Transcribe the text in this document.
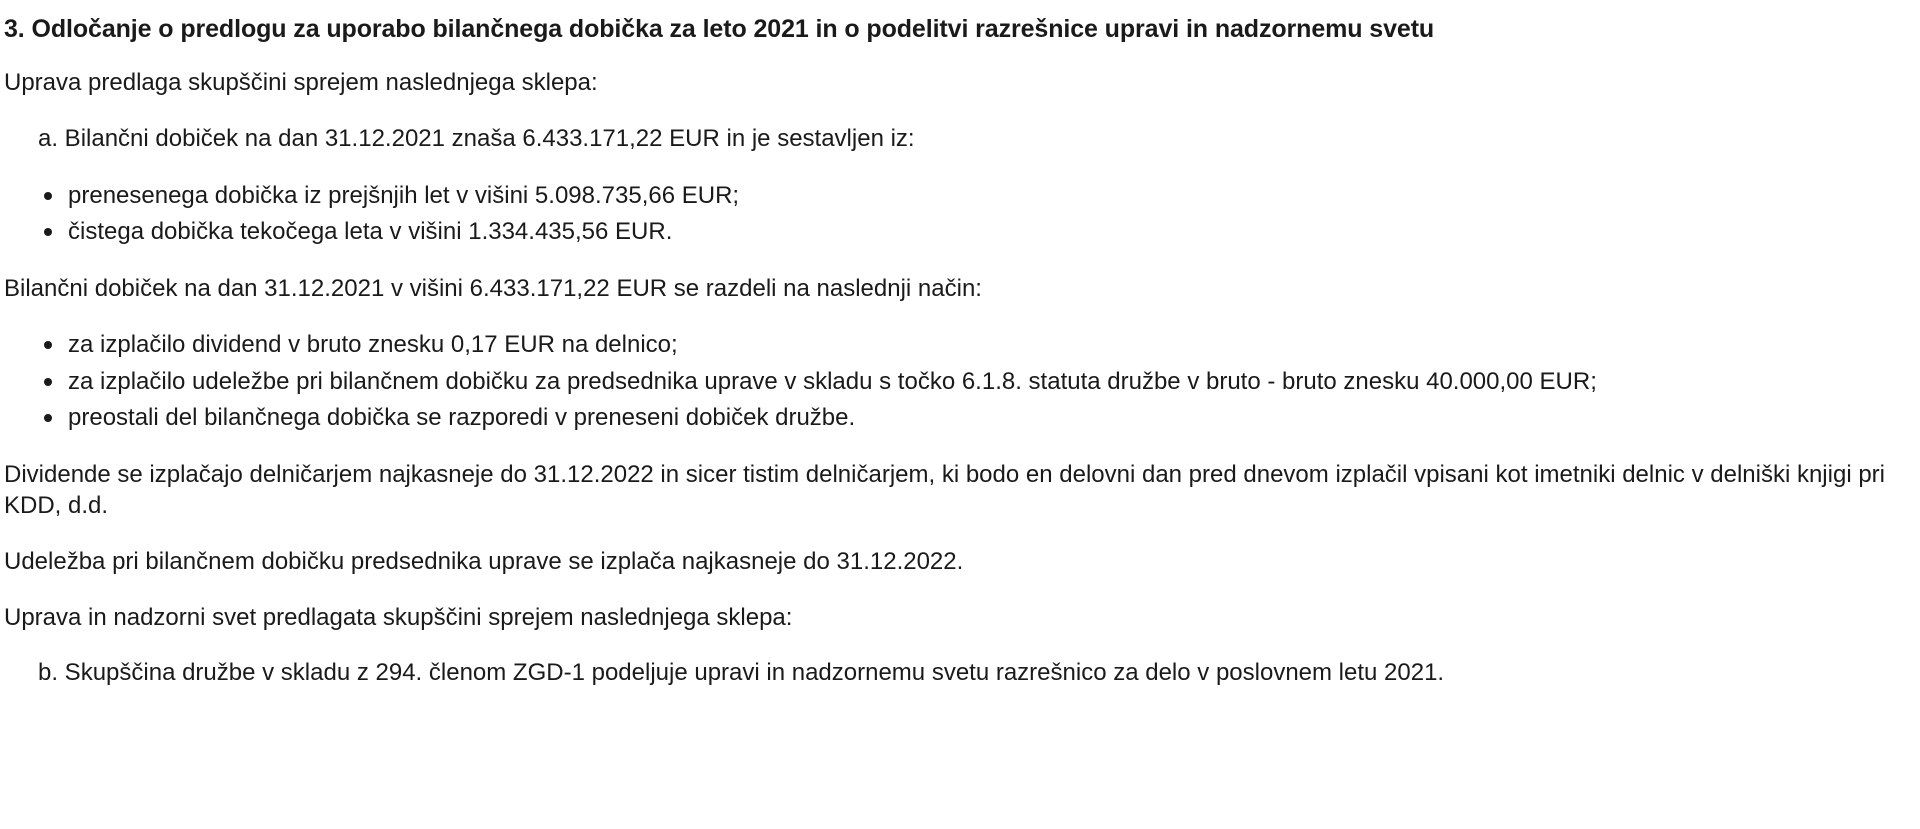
3. Odločanje o predlogu za uporabo bilančnega dobička za leto 2021 in o podelitvi razrešnice upravi in nadzornemu svetu

Uprava predlaga skupščini sprejem naslednjega sklepa:

a. Bilančni dobiček na dan 31.12.2021 znaša 6.433.171,22 EUR in je sestavljen iz:

prenesenega dobička iz prejšnjih let v višini 5.098.735,66 EUR;
čistega dobička tekočega leta v višini 1.334.435,56 EUR.

Bilančni dobiček na dan 31.12.2021 v višini 6.433.171,22 EUR se razdeli na naslednji način:

za izplačilo dividend v bruto znesku 0,17 EUR na delnico;
za izplačilo udeležbe pri bilančnem dobičku za predsednika uprave v skladu s točko 6.1.8. statuta družbe v bruto - bruto znesku 40.000,00 EUR;
preostali del bilančnega dobička se razporedi v preneseni dobiček družbe.

Dividende se izplačajo delničarjem najkasneje do 31.12.2022 in sicer tistim delničarjem, ki bodo en delovni dan pred dnevom izplačil vpisani kot imetniki delnic v delniški knjigi pri KDD, d.d.

Udeležba pri bilančnem dobičku predsednika uprave se izplača najkasneje do 31.12.2022.

Uprava in nadzorni svet predlagata skupščini sprejem naslednjega sklepa:

b. Skupščina družbe v skladu z 294. členom ZGD-1 podeljuje upravi in nadzornemu svetu razrešnico za delo v poslovnem letu 2021.
